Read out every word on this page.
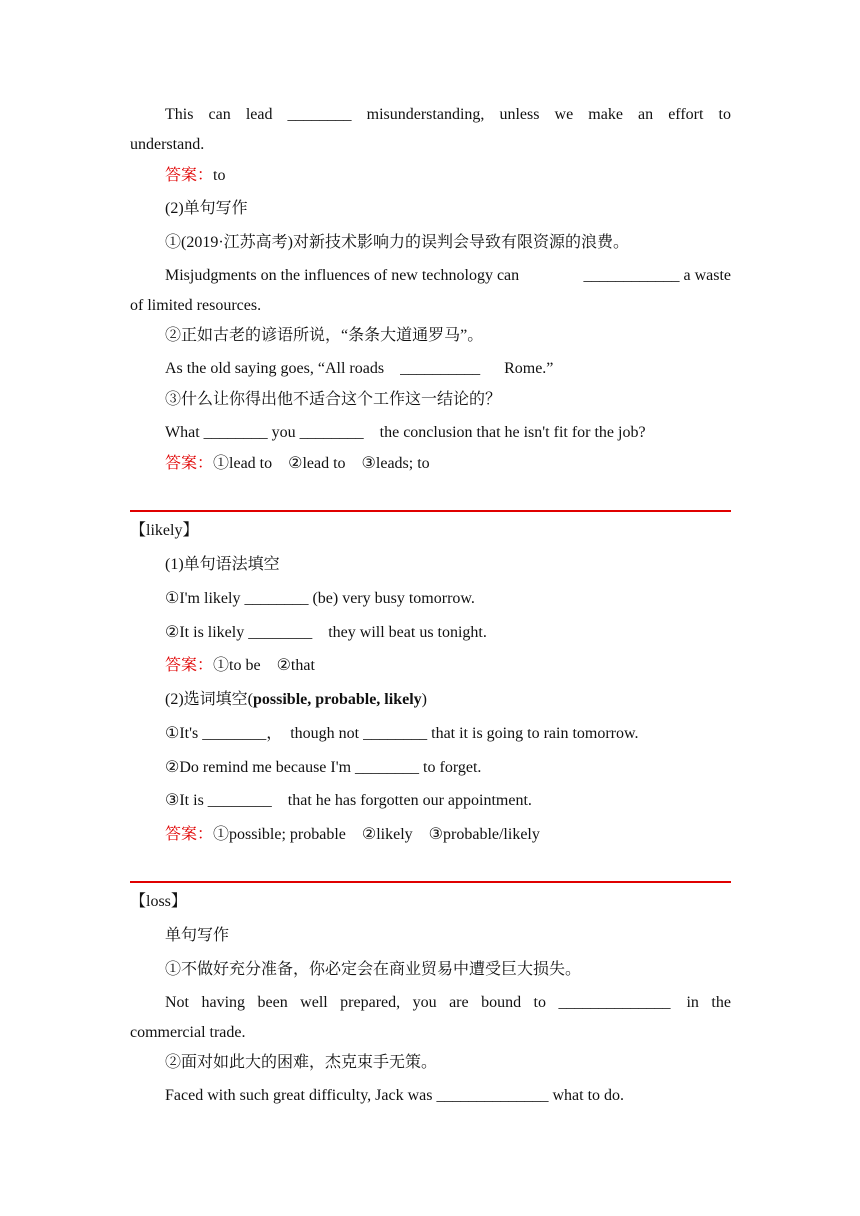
This can lead ________ misunderstanding, unless we make an effort to
understand.
答案：to
(2)单句写作
①(2019·江苏高考)对新技术影响力的误判会导致有限资源的浪费。
Misjudgments on the influences of new technology can	____________ a waste
of limited resources.
②正如古老的谚语所说，“条条大道通罗马”。
As the old saying goes, “All roads    __________      Rome.”
③什么让你得出他不适合这个工作这一结论的？
What ________ you ________    the conclusion that he isn't fit for the job?
答案：①lead to    ②lead to    ③leads; to
【likely】
(1)单句语法填空
①I'm likely ________ (be) very busy tomorrow.
②It is likely ________    they will beat us tonight.
答案：①to be    ②that
(2)选词填空(possible, probable, likely)
①It's ________，  though not ________ that it is going to rain tomorrow.
②Do remind me because I'm ________ to forget.
③It is ________    that he has forgotten our appointment.
答案：①possible; probable    ②likely    ③probable/likely
【loss】
单句写作
①不做好充分准备，你必定会在商业贸易中遭受巨大损失。
Not having been well prepared, you are bound to ______________    in the
commercial trade.
②面对如此大的困难，杰克束手无策。
Faced with such great difficulty, Jack was ______________ what to do.
